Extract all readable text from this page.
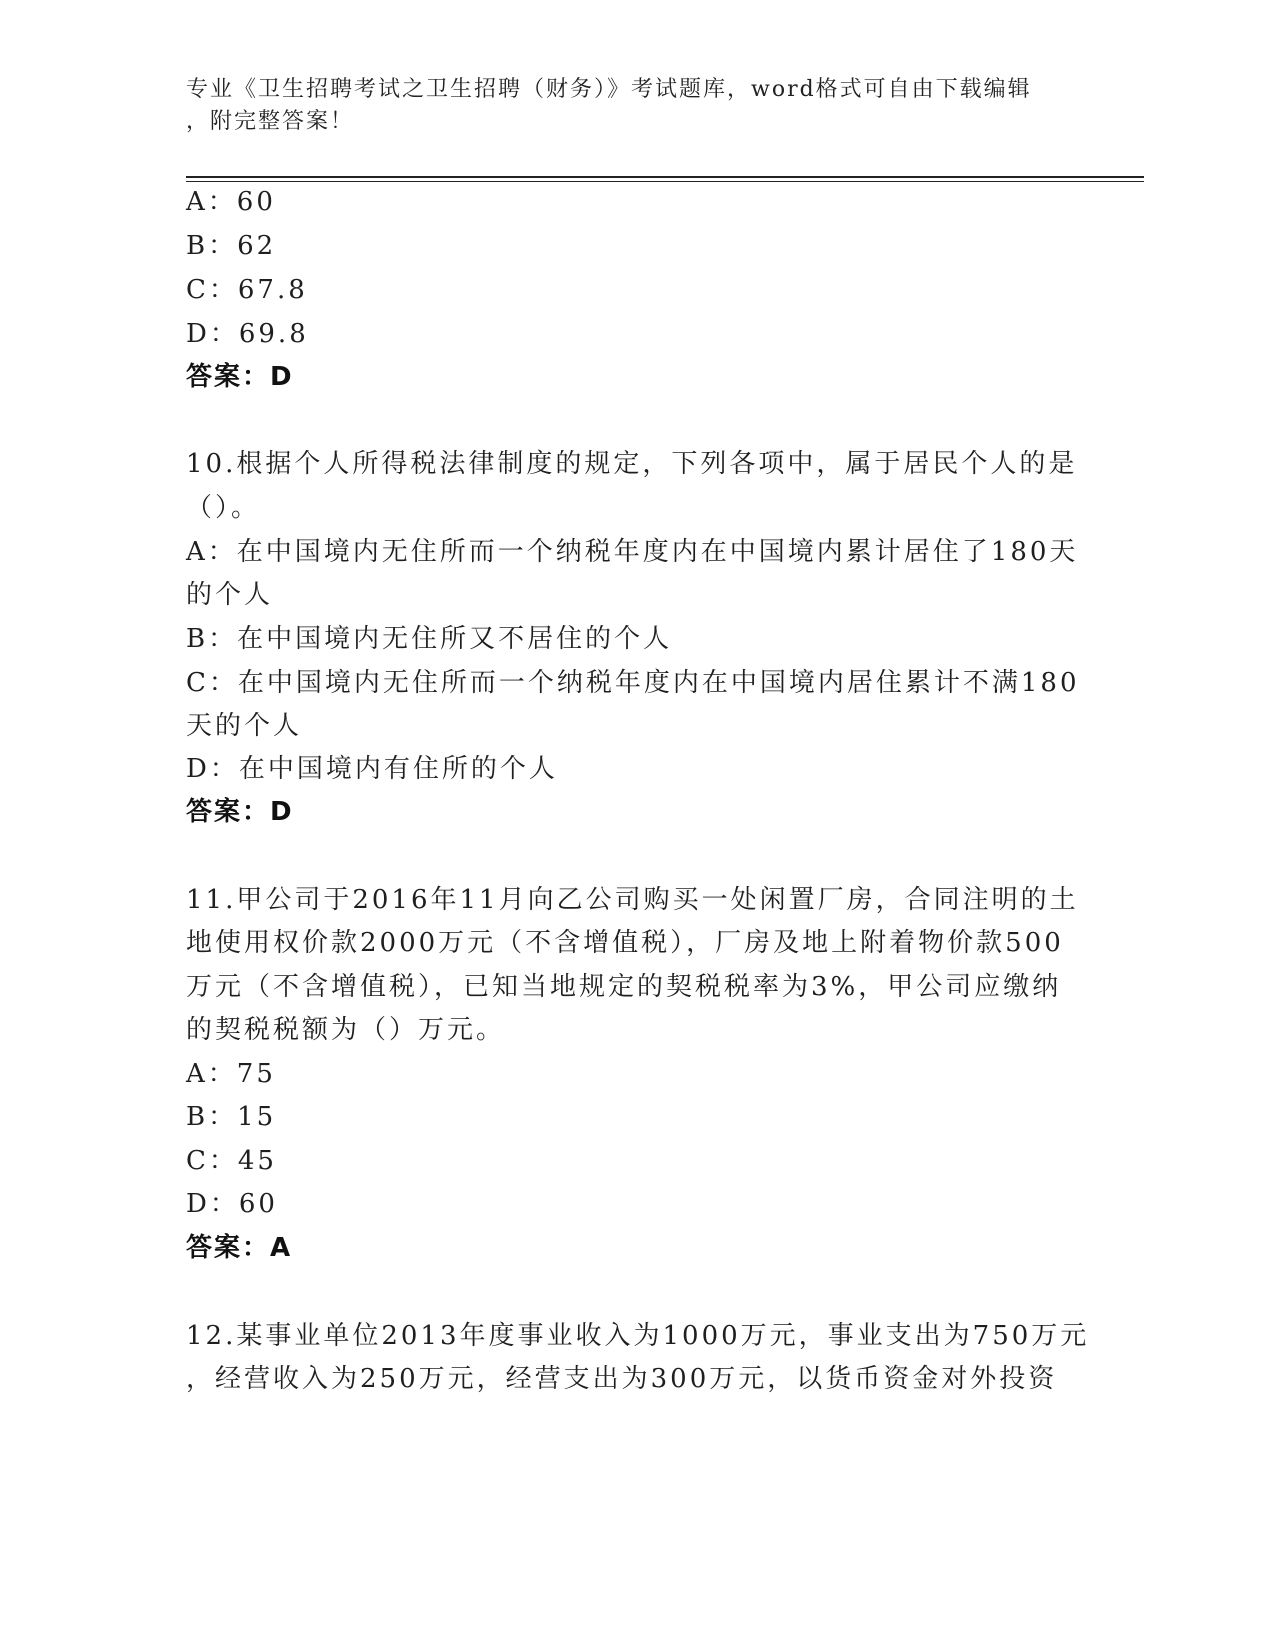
专业《卫生招聘考试之卫生招聘（财务）》考试题库，word格式可自由下载编辑
，附完整答案！
A：60
B：62
C：67.8
D：69.8
答案：D
10.根据个人所得税法律制度的规定，下列各项中，属于居民个人的是
（）。
A：在中国境内无住所而一个纳税年度内在中国境内累计居住了180天
的个人
B：在中国境内无住所又不居住的个人
C：在中国境内无住所而一个纳税年度内在中国境内居住累计不满180
天的个人
D：在中国境内有住所的个人
答案：D
11.甲公司于2016年11月向乙公司购买一处闲置厂房，合同注明的土
地使用权价款2000万元（不含增值税），厂房及地上附着物价款500
万元（不含增值税），已知当地规定的契税税率为3%，甲公司应缴纳
的契税税额为（）万元。
A：75
B：15
C：45
D：60
答案：A
12.某事业单位2013年度事业收入为1000万元，事业支出为750万元
，经营收入为250万元，经营支出为300万元，以货币资金对外投资
